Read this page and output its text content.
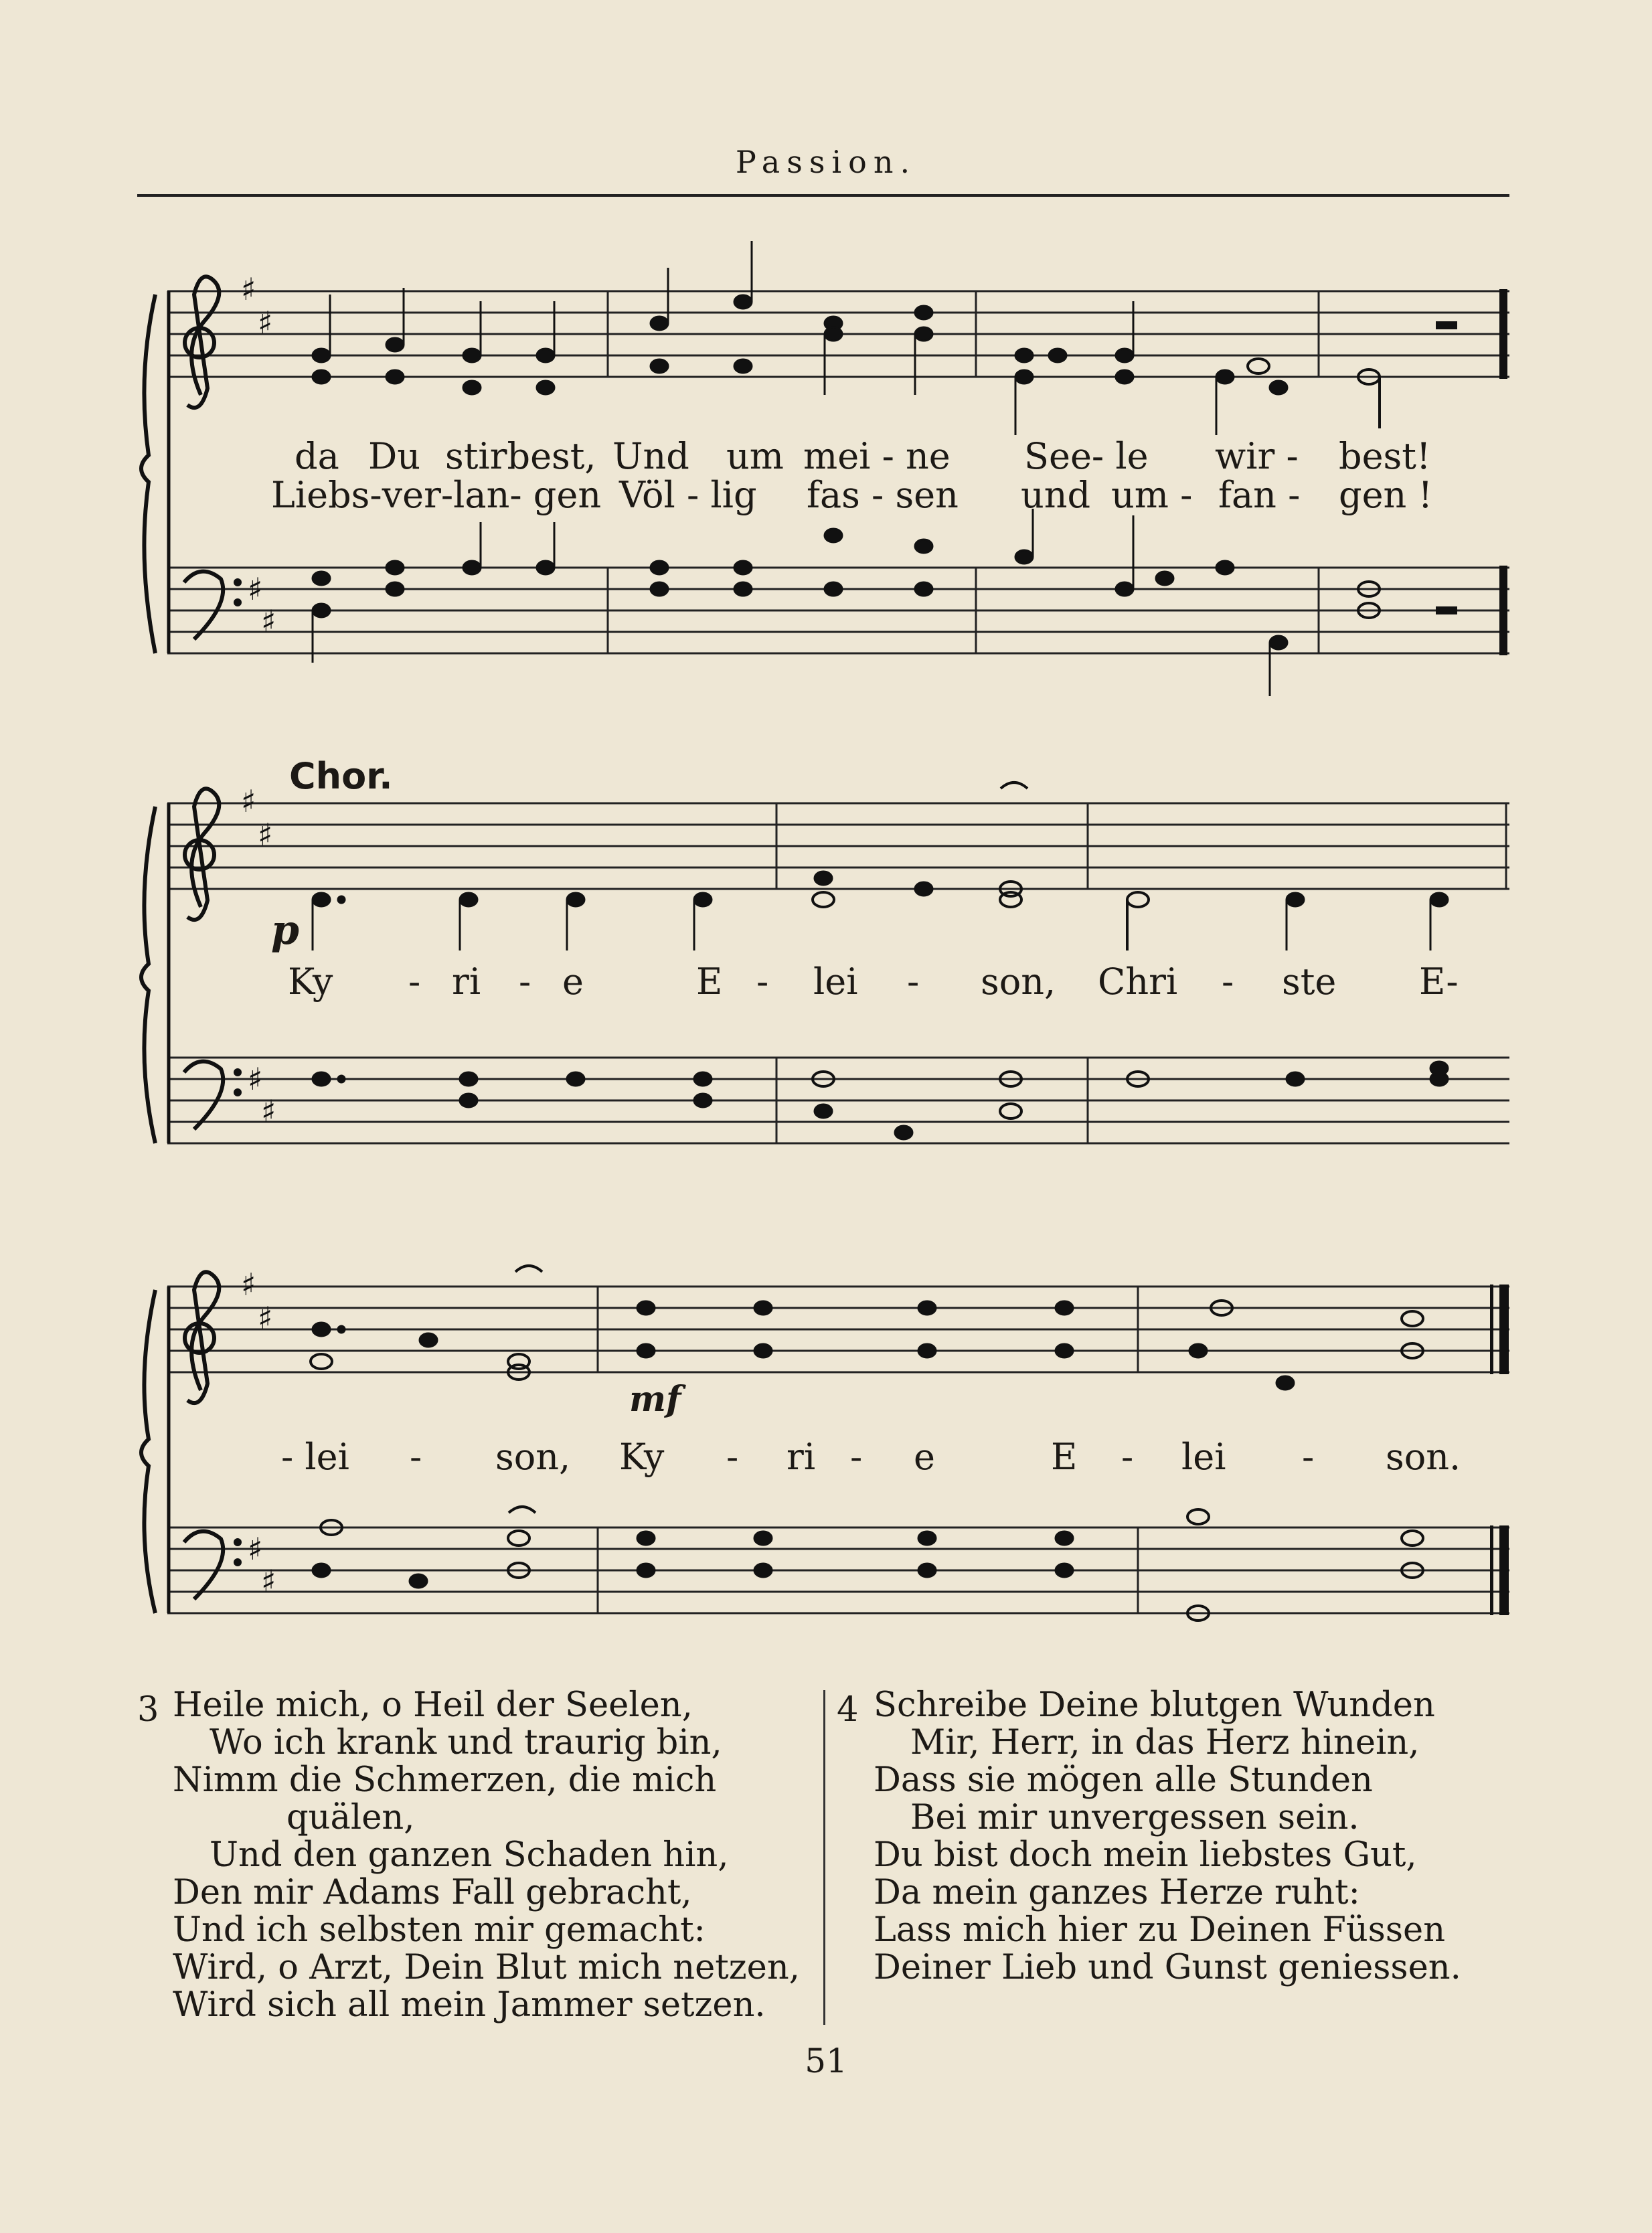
Passion.
♯
♯
♯
♯
♯
♯
♯
♯
♯
♯
♯
♯
da Du stirbest, Und um mei - ne See- le wir - best!
Liebs-ver-lan- gen Völ - lig fas - sen und um - fan - gen !
Chor.
p
Ky - ri - e	E - lei - son, Chri - ste E-
mf
- lei - son, Ky - ri - e	E - lei - son.
3 Heile mich, o Heil der Seelen,
Wo ich krank und traurig bin,
Nimm die Schmerzen, die mich
quälen,
Und den ganzen Schaden hin,
Den mir Adams Fall gebracht,
Und ich selbsten mir gemacht:
Wird, o Arzt, Dein Blut mich netzen,
Wird sich all mein Jammer setzen.
4 Schreibe Deine blutgen Wunden
Mir, Herr, in das Herz hinein,
Dass sie mögen alle Stunden
Bei mir unvergessen sein.
Du bist doch mein liebstes Gut,
Da mein ganzes Herze ruht:
Lass mich hier zu Deinen Füssen
Deiner Lieb und Gunst geniessen.
51
